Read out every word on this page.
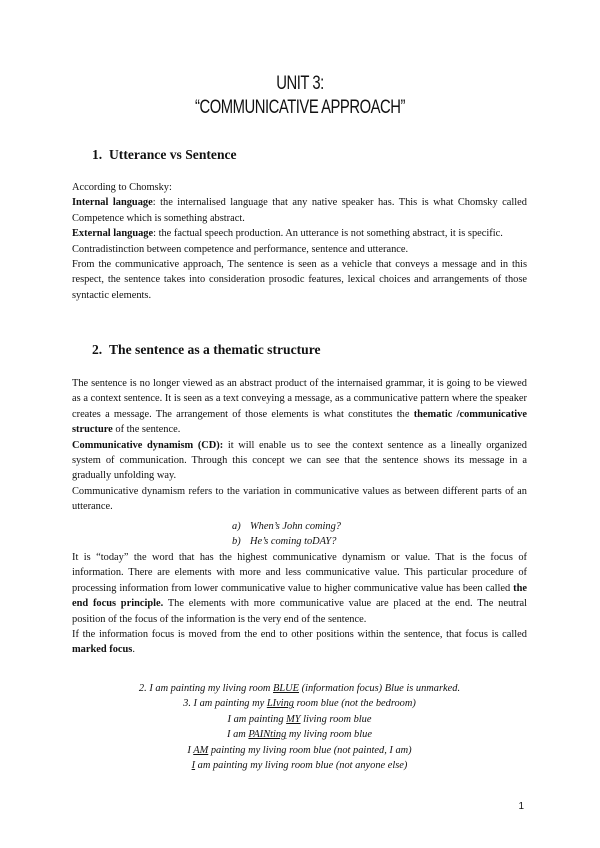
UNIT 3:
“COMMUNICATIVE APPROACH”
1. Utterance vs Sentence

According to Chomsky:

Internal language: the internalised language that any native speaker has. This is what Chomsky called Competence which is something abstract.

External language: the factual speech production. An utterance is not something abstract, it is specific.

Contradistinction between competence and performance, sentence and utterance.

From the communicative approach, The sentence is seen as a vehicle that conveys a message and in this respect, the sentence takes into consideration prosodic features, lexical choices and arrangements of those syntactic elements.

2. The sentence as a thematic structure

The sentence is no longer viewed as an abstract product of the internaised grammar, it is going to be viewed as a context sentence. It is seen as a text conveying a message, as a communicative pattern where the speaker creates a message. The arrangement of those elements is what constitutes the thematic /communicative structure of the sentence.

Communicative dynamism (CD): it will enable us to see the context sentence as a lineally organized system of communication. Through this concept we can see that the sentence shows its message in a gradually unfolding way.

Communicative dynamism refers to the variation in communicative values as between different parts of an utterance.

a) When’s John coming?
b) He’s coming toDAY?

It is “today” the word that has the highest communicative dynamism or value. That is the focus of information. There are elements with more and less communicative value. This particular procedure of processing information from lower communicative value to higher communicative value has been called the end focus principle. The elements with more communicative value are placed at the end. The neutral position of the focus of the information is the very end of the sentence.

If the information focus is moved from the end to other positions within the sentence, that focus is called marked focus.

2. I am painting my living room BLUE (information focus) Blue is unmarked.
3. I am painting my LIving room blue (not the bedroom)
I am painting MY living room blue
I am PAINting my living room blue
I AM painting my living room blue (not painted, I am)
I am painting my living room blue (not anyone else)
1
